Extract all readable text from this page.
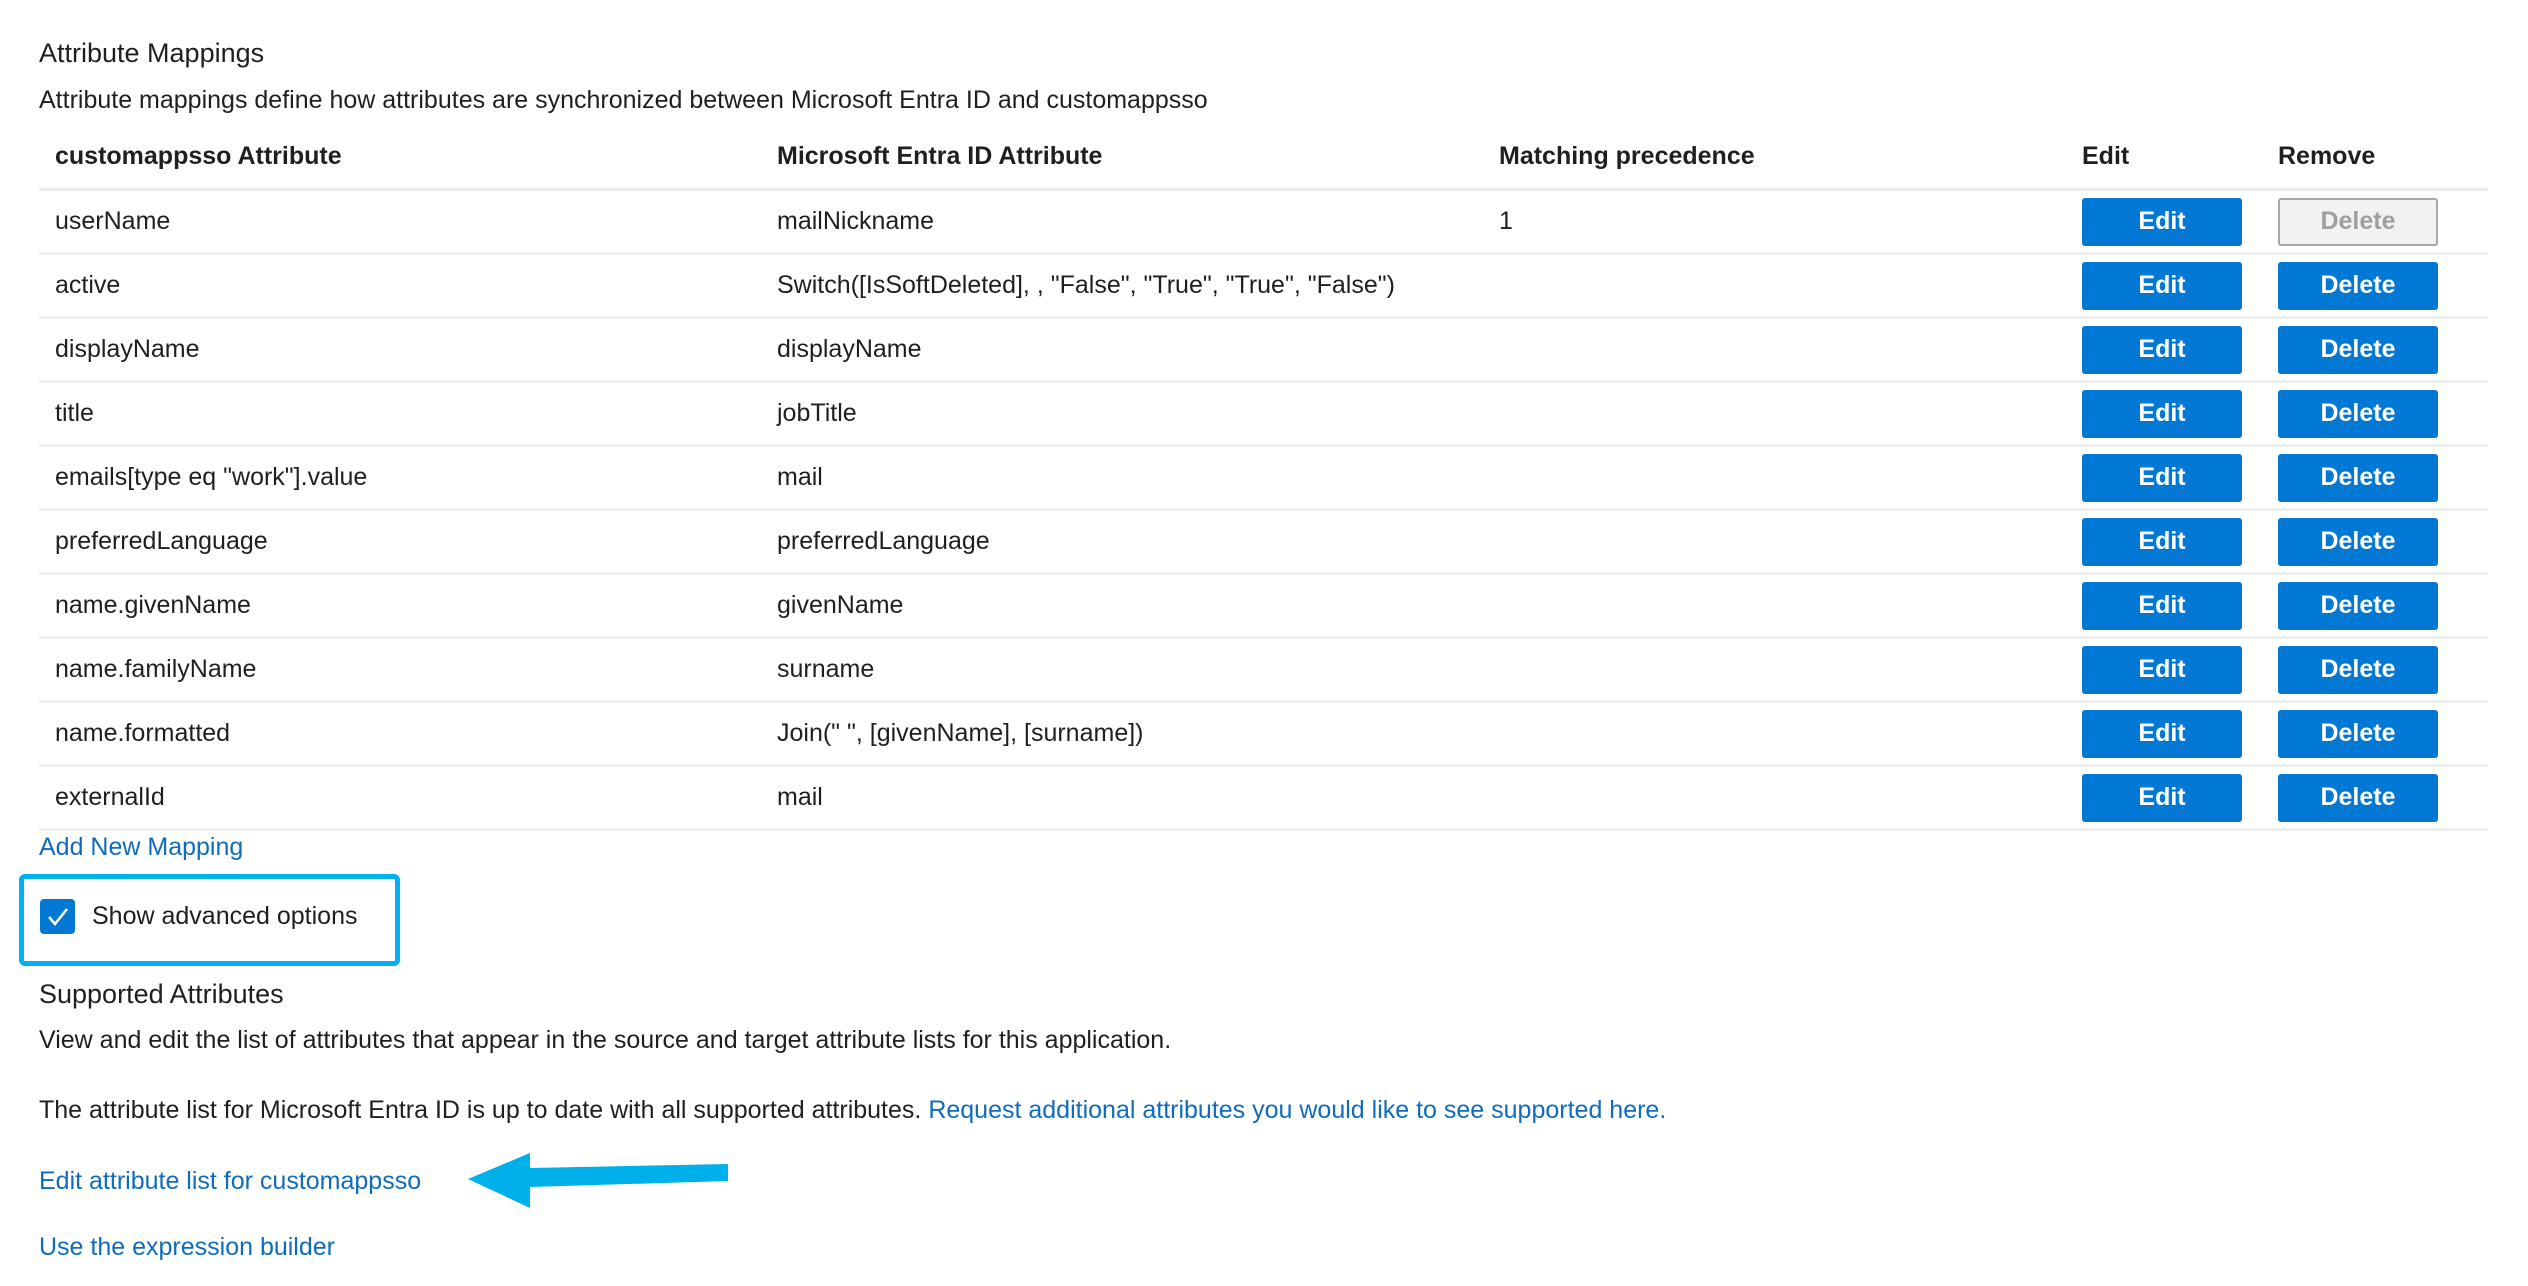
Attribute Mappings
Attribute mappings define how attributes are synchronized between Microsoft Entra ID and customappsso
customappsso Attribute	Microsoft Entra ID Attribute	Matching precedence	Edit	Remove
userName	mailNickname	1	Edit	Delete
active	Switch([IsSoftDeleted], , "False", "True", "True", "False")		Edit	Delete
displayName	displayName		Edit	Delete
title	jobTitle		Edit	Delete
emails[type eq "work"].value	mail		Edit	Delete
preferredLanguage	preferredLanguage		Edit	Delete
name.givenName	givenName		Edit	Delete
name.familyName	surname		Edit	Delete
name.formatted	Join(" ", [givenName], [surname])		Edit	Delete
externalId	mail		Edit	Delete
Add New Mapping
Show advanced options
Supported Attributes
View and edit the list of attributes that appear in the source and target attribute lists for this application.
The attribute list for Microsoft Entra ID is up to date with all supported attributes. Request additional attributes you would like to see supported here.
Edit attribute list for customappsso
Use the expression builder
